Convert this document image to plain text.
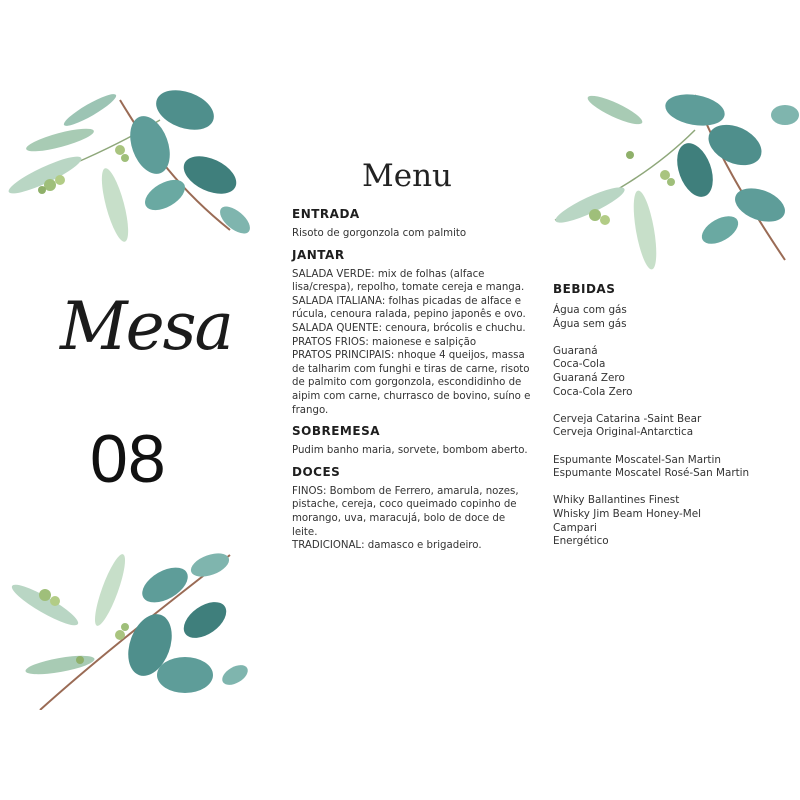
Mesa
08
Menu
ENTRADA

Risoto de gorgonzola com palmito

JANTAR

SALADA VERDE: mix de folhas (alface lisa/crespa), repolho, tomate cereja e manga.

SALADA ITALIANA: folhas picadas de alface e rúcula, cenoura ralada, pepino japonês e ovo.

SALADA QUENTE: cenoura, brócolis e chuchu.

PRATOS FRIOS: maionese e salpição

PRATOS PRINCIPAIS: nhoque 4 queijos, massa de talharim com funghi e tiras de carne, risoto de palmito com gorgonzola, escondidinho de aipim com carne, churrasco de bovino, suíno e frango.

SOBREMESA

Pudim banho maria, sorvete, bombom aberto.

DOCES

FINOS: Bombom de Ferrero, amarula, nozes, pistache, cereja, coco queimado copinho de morango, uva, maracujá, bolo de doce de leite.

TRADICIONAL: damasco e brigadeiro.

BEBIDAS
Água com gás
Água sem gás
Guaraná
Coca-Cola
Guaraná Zero
Coca-Cola Zero
Cerveja Catarina -Saint Bear
Cerveja Original-Antarctica
Espumante Moscatel-San Martin
Espumante Moscatel Rosé-San Martin
Whiky Ballantines Finest
Whisky Jim Beam Honey-Mel
Campari
Energético
